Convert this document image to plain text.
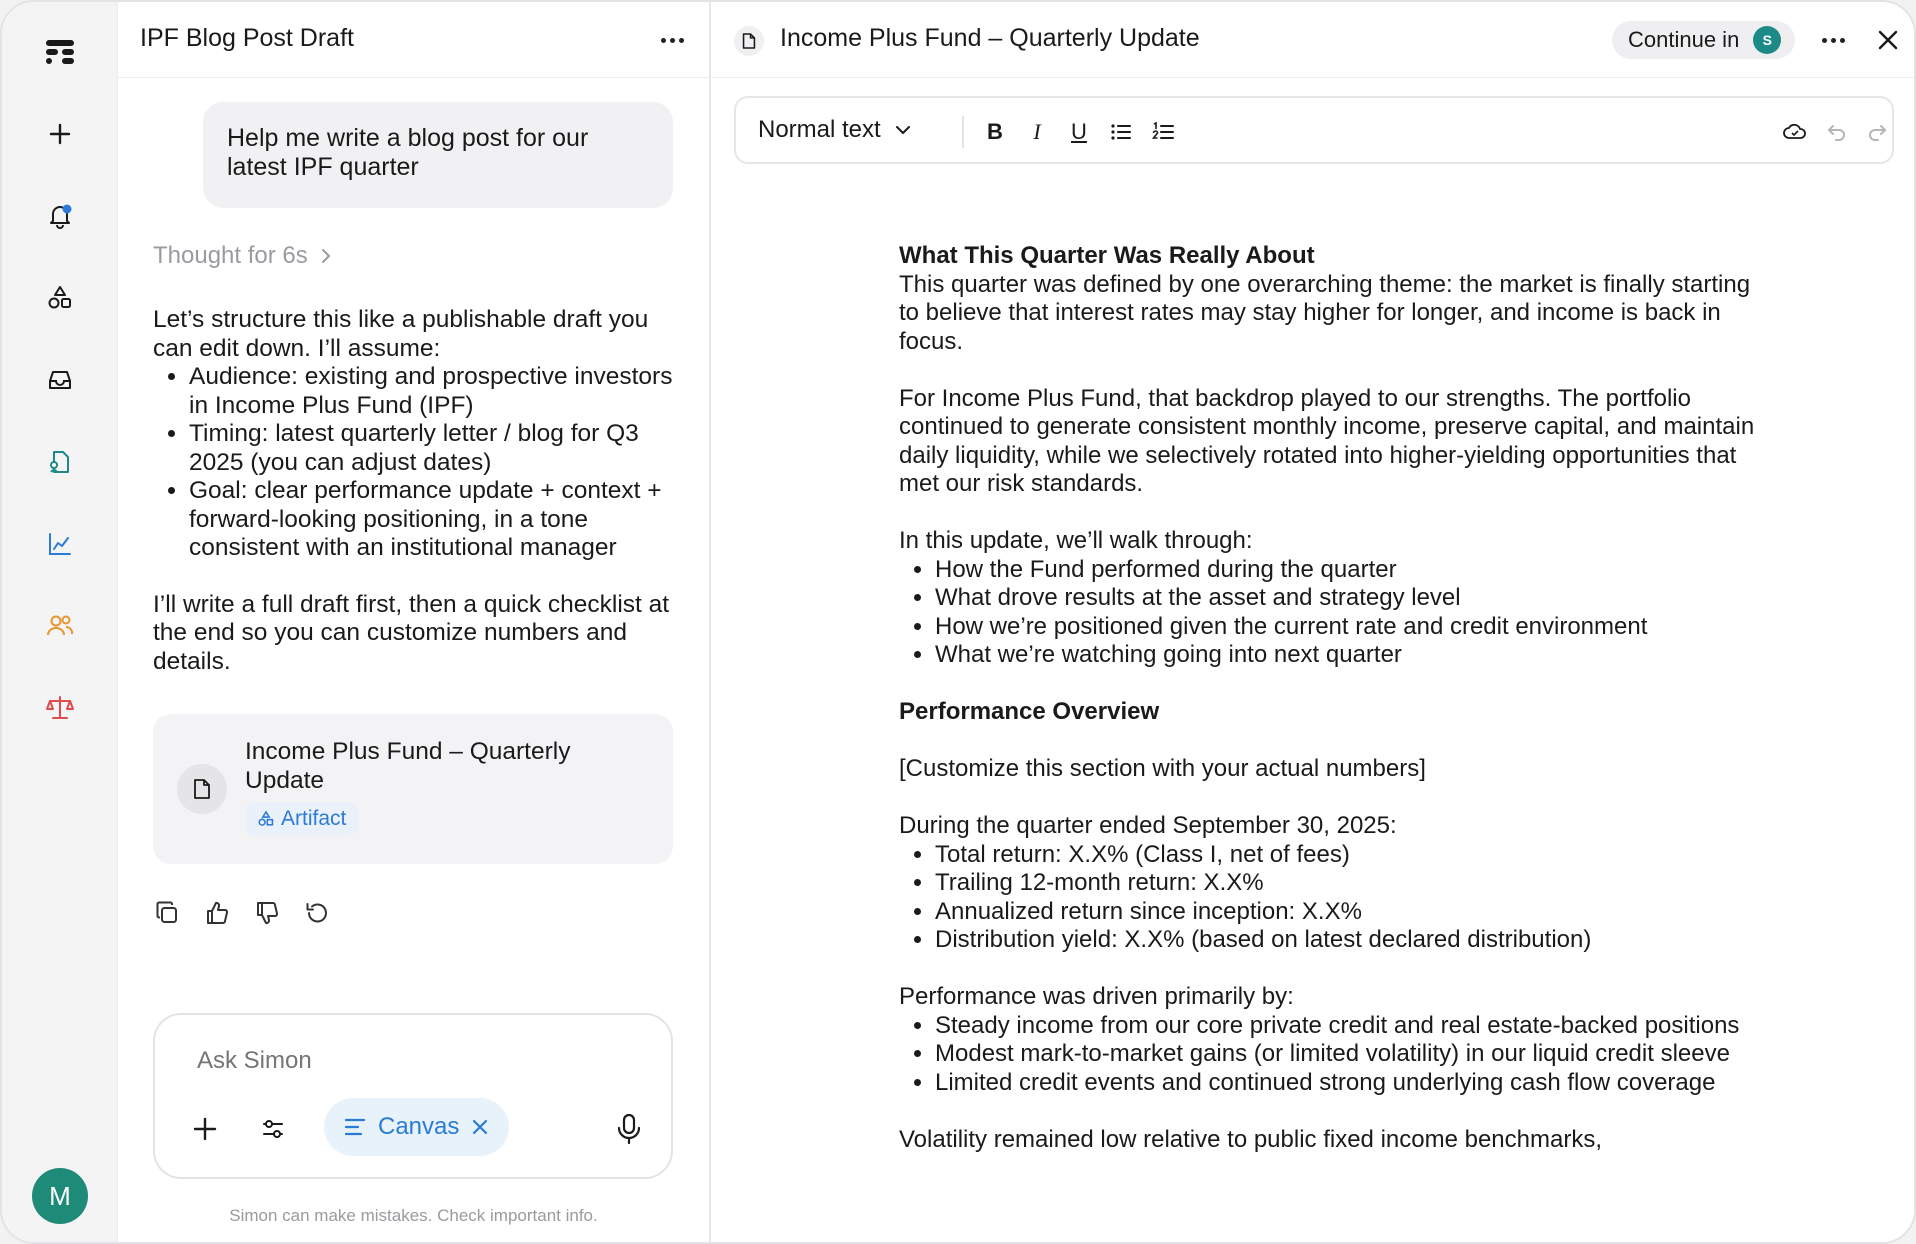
M
IPF Blog Post Draft
Help me write a blog post for our latest IPF quarter
Thought for 6s

Let’s structure this like a publishable draft you can edit down. I’ll assume:

• Audience: existing and prospective investors in Income Plus Fund (IPF)
• Timing: latest quarterly letter / blog for Q3 2025 (you can adjust dates)
• Goal: clear performance update + context + forward-looking positioning, in a tone consistent with an institutional manager

I’ll write a full draft first, then a quick checklist at the end so you can customize numbers and details.

Income Plus Fund – Quarterly Update
Artifact
Ask Simon
Canvas
Simon can make mistakes. Check important info.
Income Plus Fund – Quarterly Update	Continue in	S
Normal text	B	I	U
What This Quarter Was Really About

This quarter was defined by one overarching theme: the market is finally starting to believe that interest rates may stay higher for longer, and income is back in focus.

For Income Plus Fund, that backdrop played to our strengths. The portfolio continued to generate consistent monthly income, preserve capital, and maintain daily liquidity, while we selectively rotated into higher-yielding opportunities that met our risk standards.

In this update, we’ll walk through:

• How the Fund performed during the quarter
• What drove results at the asset and strategy level
• How we’re positioned given the current rate and credit environment
• What we’re watching going into next quarter
Performance Overview

[Customize this section with your actual numbers]

During the quarter ended September 30, 2025:

• Total return: X.X% (Class I, net of fees)
• Trailing 12-month return: X.X%
• Annualized return since inception: X.X%
• Distribution yield: X.X% (based on latest declared distribution)

Performance was driven primarily by:

• Steady income from our core private credit and real estate-backed positions
• Modest mark-to-market gains (or limited volatility) in our liquid credit sleeve
• Limited credit events and continued strong underlying cash flow coverage

Volatility remained low relative to public fixed income benchmarks,
